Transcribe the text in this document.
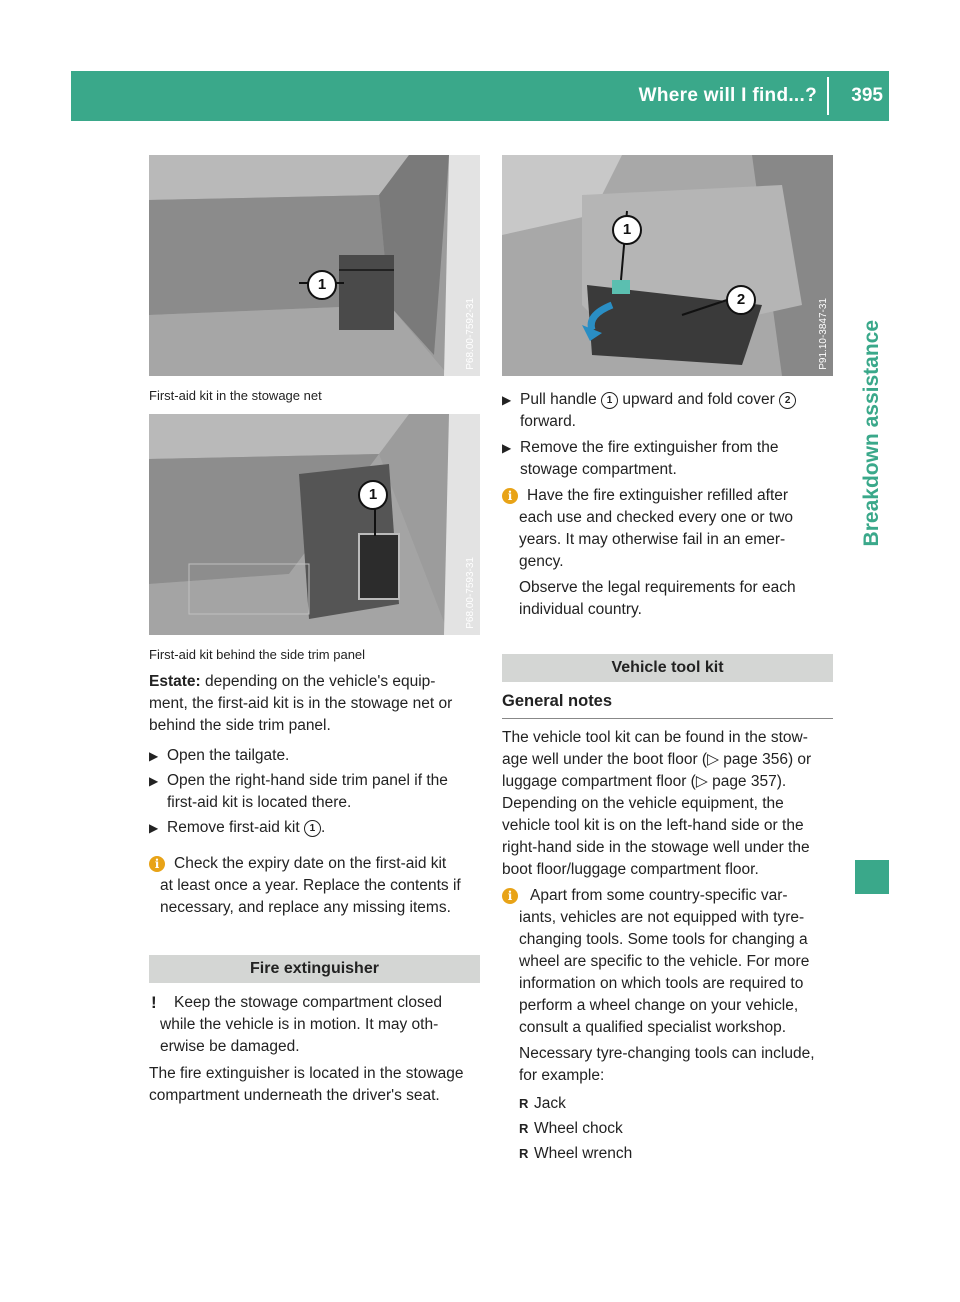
Where will I find...? 395
Breakdown assistance
1
P68.00-7592-31
First-aid kit in the stowage net
1
P68.00-7593-31
First-aid kit behind the side trim panel
Estate: depending on the vehicle's equip-
ment, the first-aid kit is in the stowage net or
behind the side trim panel.
▶ Open the tailgate.
▶ Open the right-hand side trim panel if the
first-aid kit is located there.
▶ Remove first-aid kit 1 .
i Check the expiry date on the first-aid kit
at least once a year. Replace the contents if
necessary, and replace any missing items.
Fire extinguisher
! Keep the stowage compartment closed
while the vehicle is in motion. It may oth-
erwise be damaged.
The fire extinguisher is located in the stowage
compartment underneath the driver's seat.
1
2	P91.10-3847-31
▶ Pull handle 1 upward and fold cover 2
forward.
▶ Remove the fire extinguisher from the
stowage compartment.
i Have the fire extinguisher refilled after
each use and checked every one or two
years. It may otherwise fail in an emer-
gency.
Observe the legal requirements for each
individual country.
Vehicle tool kit
General notes
The vehicle tool kit can be found in the stow-
age well under the boot floor (▷ page 356) or
luggage compartment floor (▷ page 357).
Depending on the vehicle equipment, the
vehicle tool kit is on the left-hand side or the
right-hand side in the stowage well under the
boot floor/luggage compartment floor.
i	Apart from some country-specific var-
iants, vehicles are not equipped with tyre-
changing tools. Some tools for changing a
wheel are specific to the vehicle. For more
information on which tools are required to
perform a wheel change on your vehicle,
consult a qualified specialist workshop.
Necessary tyre-changing tools can include,
for example:
R Jack
R Wheel chock
R Wheel wrench
